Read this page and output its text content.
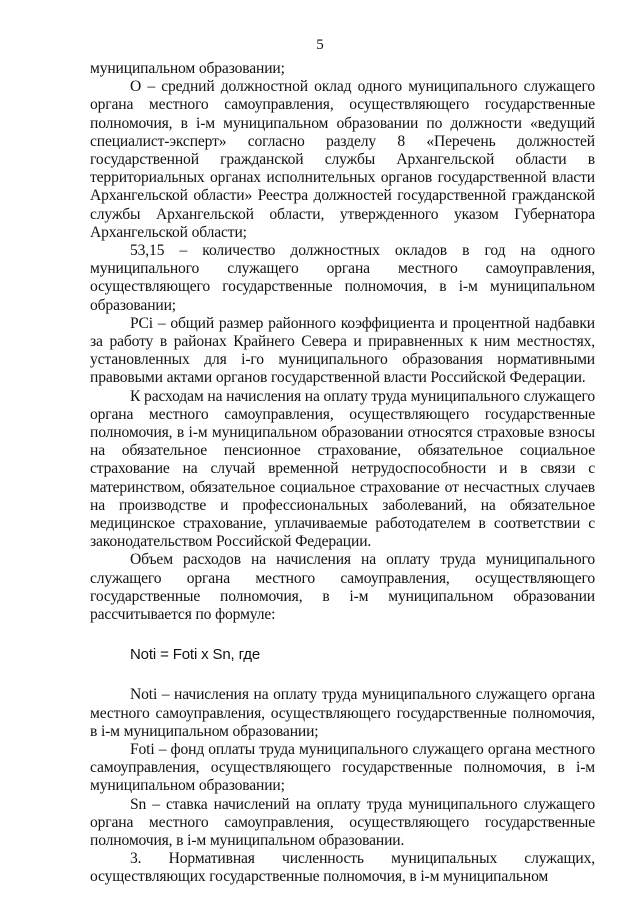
5

муниципальном образовании;

О – средний должностной оклад одного муниципального служащего органа местного самоуправления, осуществляющего государственные полномочия, в i-м муниципальном образовании по должности «ведущий специалист-эксперт» согласно разделу 8 «Перечень должностей государственной гражданской службы Архангельской области в территориальных органах исполнительных органов государственной власти Архангельской области» Реестра должностей государственной гражданской службы Архангельской области, утвержденного указом Губернатора Архангельской области;

53,15 – количество должностных окладов в год на одного муниципального служащего органа местного самоуправления, осуществляющего государственные полномочия, в i-м муниципальном образовании;

PCi – общий размер районного коэффициента и процентной надбавки за работу в районах Крайнего Севера и приравненных к ним местностях, установленных для i-го муниципального образования нормативными правовыми актами органов государственной власти Российской Федерации.

К расходам на начисления на оплату труда муниципального служащего органа местного самоуправления, осуществляющего государственные полномочия, в i-м муниципальном образовании относятся страховые взносы на обязательное пенсионное страхование, обязательное социальное страхование на случай временной нетрудоспособности и в связи с материнством, обязательное социальное страхование от несчастных случаев на производстве и профессиональных заболеваний, на обязательное медицинское страхование, уплачиваемые работодателем в соответствии с законодательством Российской Федерации.

Объем расходов на начисления на оплату труда муниципального служащего органа местного самоуправления, осуществляющего государственные полномочия, в i-м муниципальном образовании рассчитывается по формуле:

Noti = Foti x Sn, где

Noti – начисления на оплату труда муниципального служащего органа местного самоуправления, осуществляющего государственные полномочия, в i-м муниципальном образовании;

Foti – фонд оплаты труда муниципального служащего органа местного самоуправления, осуществляющего государственные полномочия, в i-м муниципальном образовании;

Sn – ставка начислений на оплату труда муниципального служащего органа местного самоуправления, осуществляющего государственные полномочия, в i-м муниципальном образовании.

3. Нормативная численность муниципальных служащих, осуществляющих государственные полномочия, в i-м муниципальном
